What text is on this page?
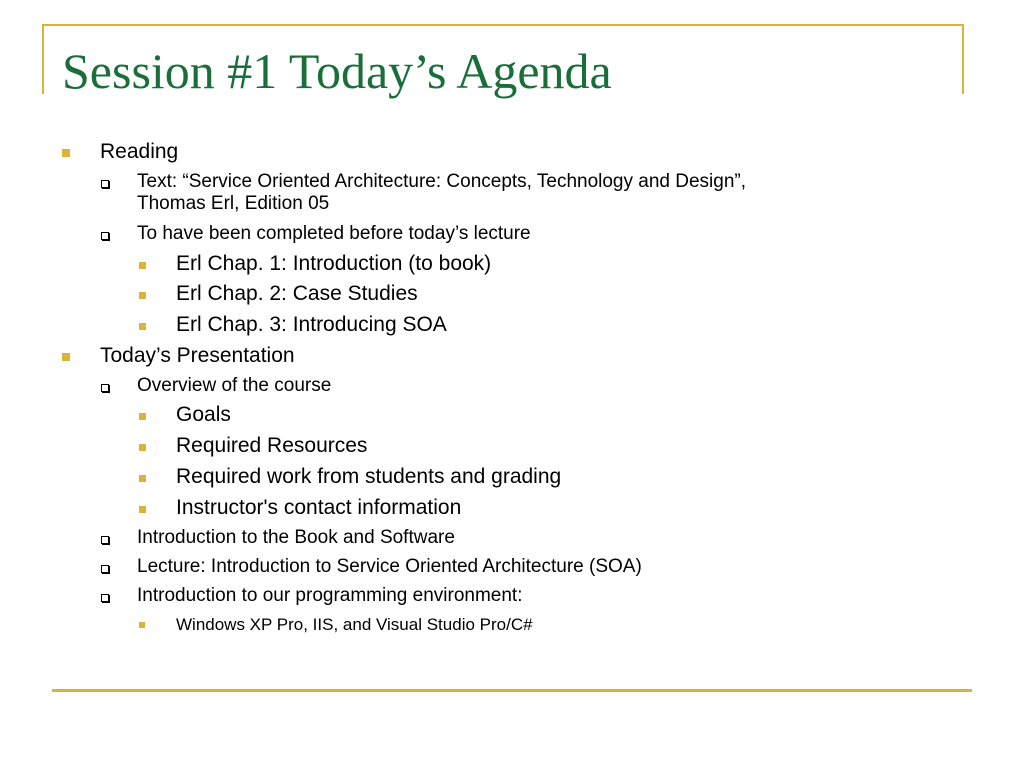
Session #1 Today’s Agenda
Reading
Text: “Service Oriented Architecture: Concepts, Technology and Design”,
Thomas Erl, Edition 05
To have been completed before today’s lecture
Erl Chap. 1: Introduction (to book)
Erl Chap. 2: Case Studies
Erl Chap. 3: Introducing SOA
Today’s Presentation
Overview of the course
Goals
Required Resources
Required work from students and grading
Instructor's contact information
Introduction to the Book and Software
Lecture: Introduction to Service Oriented Architecture (SOA)
Introduction to our programming environment:
Windows XP Pro, IIS, and Visual Studio Pro/C#
